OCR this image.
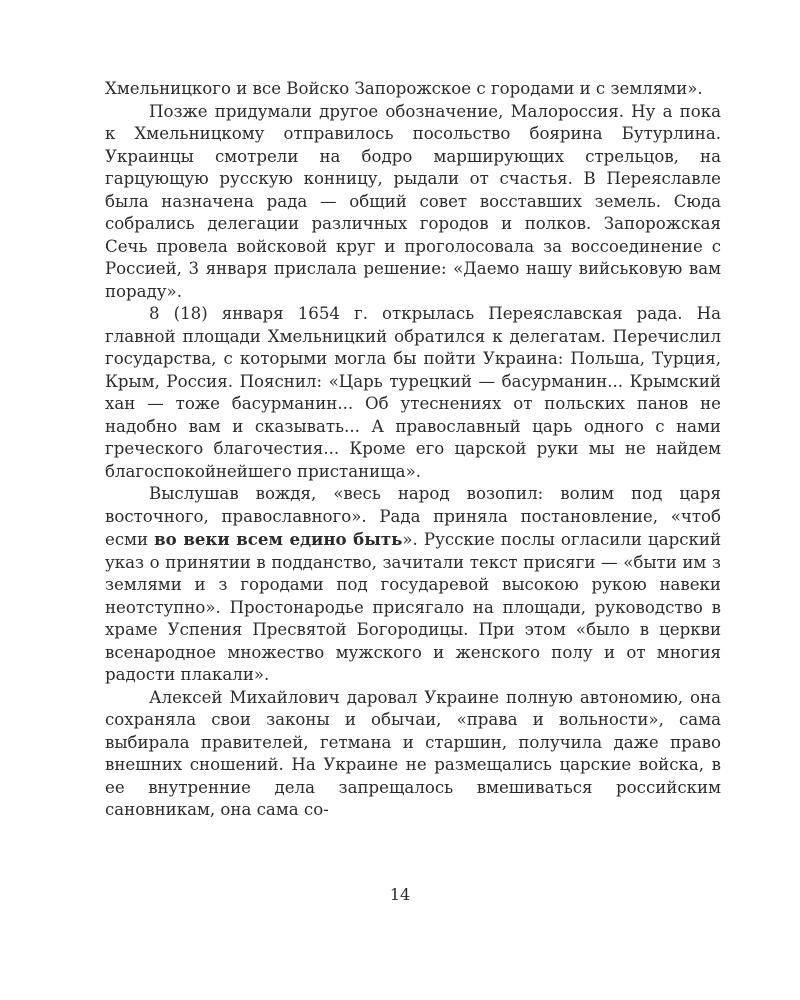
Хмельницкого и все Войско Запорожское с городами и с землями».

Позже придумали другое обозначение, Малороссия. Ну а пока к Хмельницкому отправилось посольство боярина Бутурлина. Украинцы смотрели на бодро марширующих стрельцов, на гарцующую русскую конницу, рыдали от счастья. В Переяславле была назначена рада — общий совет восставших земель. Сюда собрались делегации различных городов и полков. Запорожская Сечь провела войсковой круг и проголосовала за воссоединение с Россией, 3 января прислала решение: «Даемо нашу вийськовую вам пораду».

8 (18) января 1654 г. открылась Переяславская рада. На главной площади Хмельницкий обратился к делегатам. Перечислил государства, с которыми могла бы пойти Украина: Польша, Турция, Крым, Россия. Пояснил: «Царь турецкий — басурманин... Крымский хан — тоже басурманин... Об утеснениях от польских панов не надобно вам и сказывать... А православный царь одного с нами греческого благочестия... Кроме его царской руки мы не найдем благоспокойнейшего пристанища».

Выслушав вождя, «весь народ возопил: волим под царя восточного, православного». Рада приняла постановление, «чтоб есми во веки всем едино быть». Русские послы огласили царский указ о принятии в подданство, зачитали текст присяги — «быти им з землями и з городами под государевой высокою рукою навеки неотступно». Простонародье присягало на площади, руководство в храме Успения Пресвятой Богородицы. При этом «было в церкви всенародное множество мужского и женского полу и от многия радости плакали».

Алексей Михайлович даровал Украине полную автономию, она сохраняла свои законы и обычаи, «права и вольности», сама выбирала правителей, гетмана и старшин, получила даже право внешних сношений. На Украине не размещались царские войска, в ее внутренние дела запрещалось вмешиваться российским сановникам, она сама со-

14
